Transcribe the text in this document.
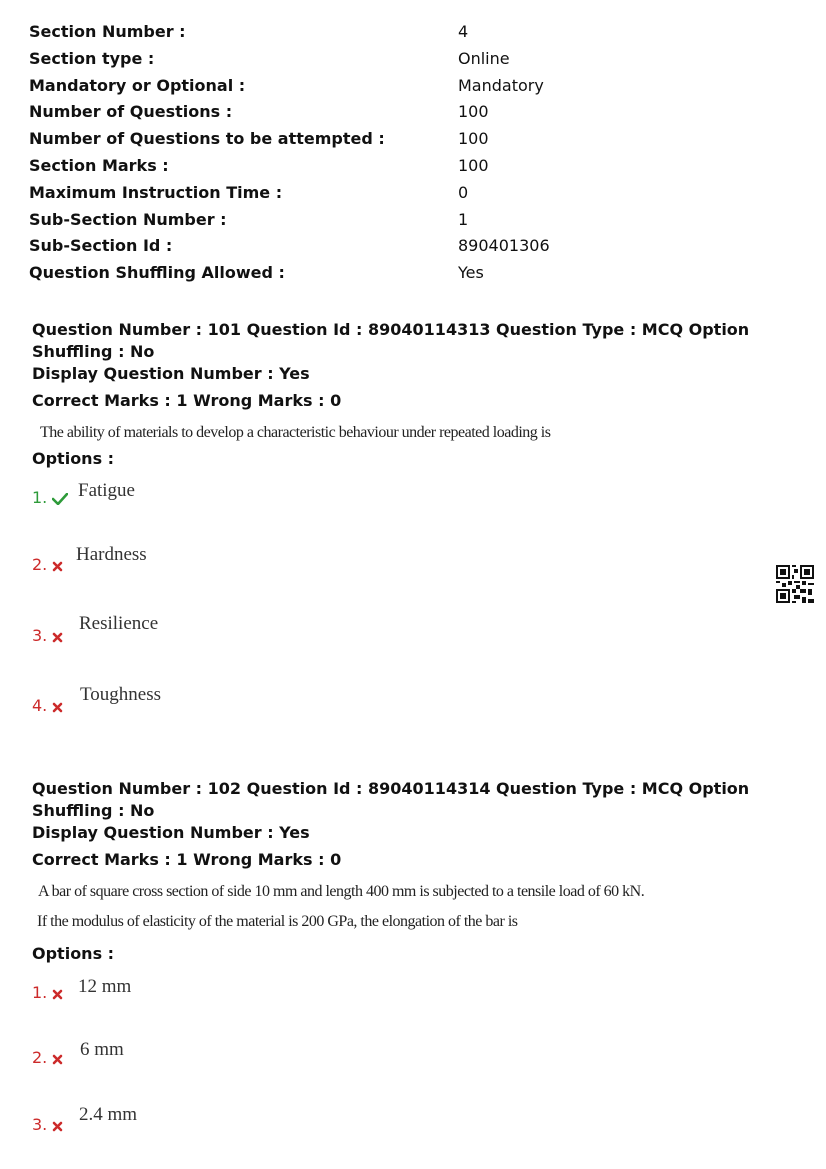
Section Number :	4
Section type :	Online
Mandatory or Optional :	Mandatory
Number of Questions :	100
Number of Questions to be attempted :	100
Section Marks :	100
Maximum Instruction Time :	0
Sub-Section Number :	1
Sub-Section Id :	890401306
Question Shuffling Allowed :	Yes
Question Number : 101 Question Id : 89040114313 Question Type : MCQ Option Shuffling : No
Display Question Number : Yes
Correct Marks : 1 Wrong Marks : 0
The ability of materials to develop a characteristic behaviour under repeated loading is
Options :
1. Fatigue
2. Hardness
3.
Resilience
4.
Toughness
Question Number : 102 Question Id : 89040114314 Question Type : MCQ Option Shuffling : No
Display Question Number : Yes
Correct Marks : 1 Wrong Marks : 0
A bar of square cross section of side 10 mm and length 400 mm is subjected to a tensile load of 60 kN.
If the modulus of elasticity of the material is 200 GPa, the elongation of the bar is
Options :
1. 12 mm
2. 6 mm
3. 2.4 mm
